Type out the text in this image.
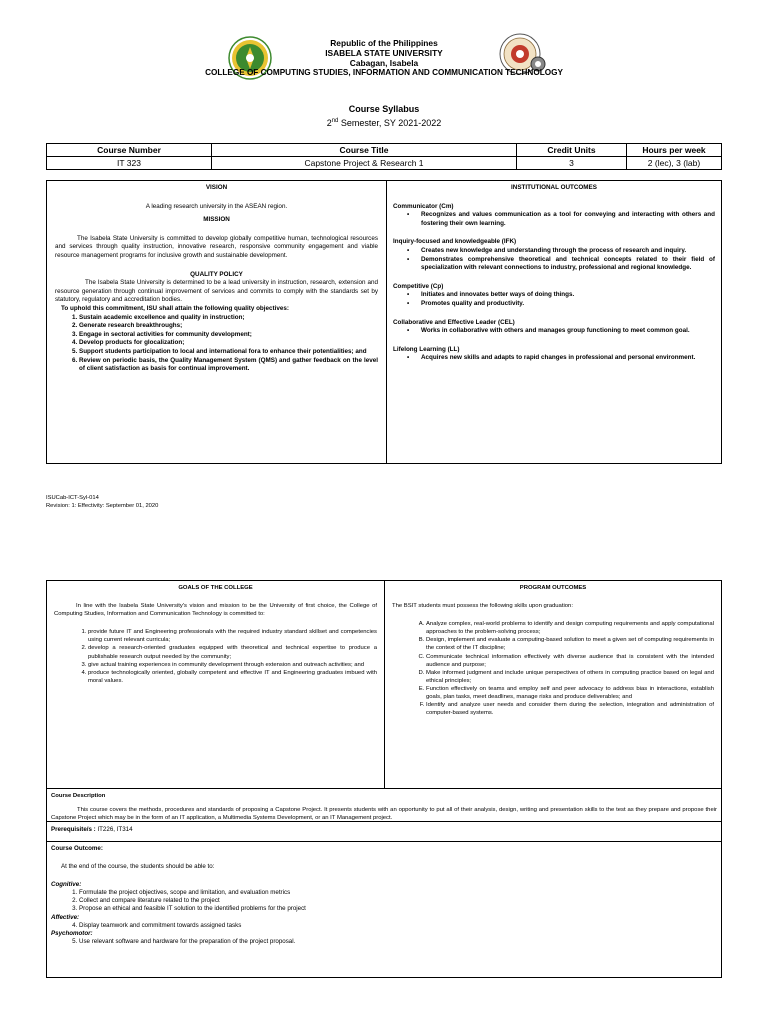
Republic of the Philippines
ISABELA STATE UNIVERSITY
Cabagan, Isabela
COLLEGE OF COMPUTING STUDIES, INFORMATION AND COMMUNICATION TECHNOLOGY
Course Syllabus
2nd Semester, SY 2021-2022
Course Number	Course Title	Credit Units	Hours per week
IT 323	Capstone Project & Research 1	3	2 (lec), 3 (lab)
VISION
A leading research university in the ASEAN region.
MISSION
The Isabela State University is committed to develop globally competitive human, technological resources and services through quality instruction, innovative research, responsive community engagement and viable resource management programs for inclusive growth and sustainable development.
QUALITY POLICY
The Isabela State University is determined to be a lead university in instruction, research, extension and resource generation through continual improvement of services and commits to comply with the standards set by statutory, regulatory and accreditation bodies.
To uphold this commitment, ISU shall attain the following quality objectives:
1. Sustain academic excellence and quality in instruction;
2. Generate research breakthroughs;
3. Engage in sectoral activities for community development;
4. Develop products for glocalization;
5. Support students participation to local and international fora to enhance their potentialities; and
6. Review on periodic basis, the Quality Management System (QMS) and gather feedback on the level of client satisfaction as basis for continual improvement.
INSTITUTIONAL OUTCOMES
Communicator (Cm)
• Recognizes and values communication as a tool for conveying and interacting with others and fostering their own learning.
Inquiry-focused and knowledgeable (IFK)
• Creates new knowledge and understanding through the process of research and inquiry.
• Demonstrates comprehensive theoretical and technical concepts related to their field of specialization with relevant connections to industry, professional and regional knowledge.
Competitive (Cp)
• Initiates and innovates better ways of doing things.
• Promotes quality and productivity.
Collaborative and Effective Leader (CEL)
• Works in collaborative with others and manages group functioning to meet common goal.
Lifelong Learning (LL)
• Acquires new skills and adapts to rapid changes in professional and personal environment.
ISUCab-ICT-Syl-014
Revision: 1: Effectivity: September 01, 2020
GOALS OF THE COLLEGE
In line with the Isabela State University's vision and mission to be the University of first choice, the College of Computing Studies, Information and Communication Technology is committed to:
1. provide future IT and Engineering professionals with the required industry standard skillset and competencies using current relevant curricula;
2. develop a research-oriented graduates equipped with theoretical and technical expertise to produce a publishable research output needed by the community;
3. give actual training experiences in community development through extension and outreach activities; and
4. produce technologically oriented, globally competent and effective IT and Engineering graduates imbued with moral values.
PROGRAM OUTCOMES
The BSIT students must possess the following skills upon graduation:
A. Analyze complex, real-world problems to identify and design computing requirements and apply computational approaches to the problem-solving process;
B. Design, implement and evaluate a computing-based solution to meet a given set of computing requirements in the context of the IT discipline;
C. Communicate technical information effectively with diverse audience that is consistent with the intended audience and purpose;
D. Make informed judgment and include unique perspectives of others in computing practice based on legal and ethical principles;
E. Function effectively on teams and employ self and peer advocacy to address bias in interactions, establish goals, plan tasks, meet deadlines, manage risks and produce deliverables; and
F. Identify and analyze user needs and consider them during the selection, integration and administration of computer-based systems.
Course Description
This course covers the methods, procedures and standards of proposing a Capstone Project. It presents students with an opportunity to put all of their analysis, design, writing and presentation skills to the test as they prepare and propose their Capstone Project which may be in the form of an IT application, a Multimedia Systems Development, or an IT Management project.
Prerequisite/s : IT226, IT314
Course Outcome:
At the end of the course, the students should be able to:
Cognitive:
1. Formulate the project objectives, scope and limitation, and evaluation metrics
2. Collect and compare literature related to the project
3. Propose an ethical and feasible IT solution to the identified problems for the project
Affective:
4. Display teamwork and commitment towards assigned tasks
Psychomotor:
5. Use relevant software and hardware for the preparation of the project proposal.
